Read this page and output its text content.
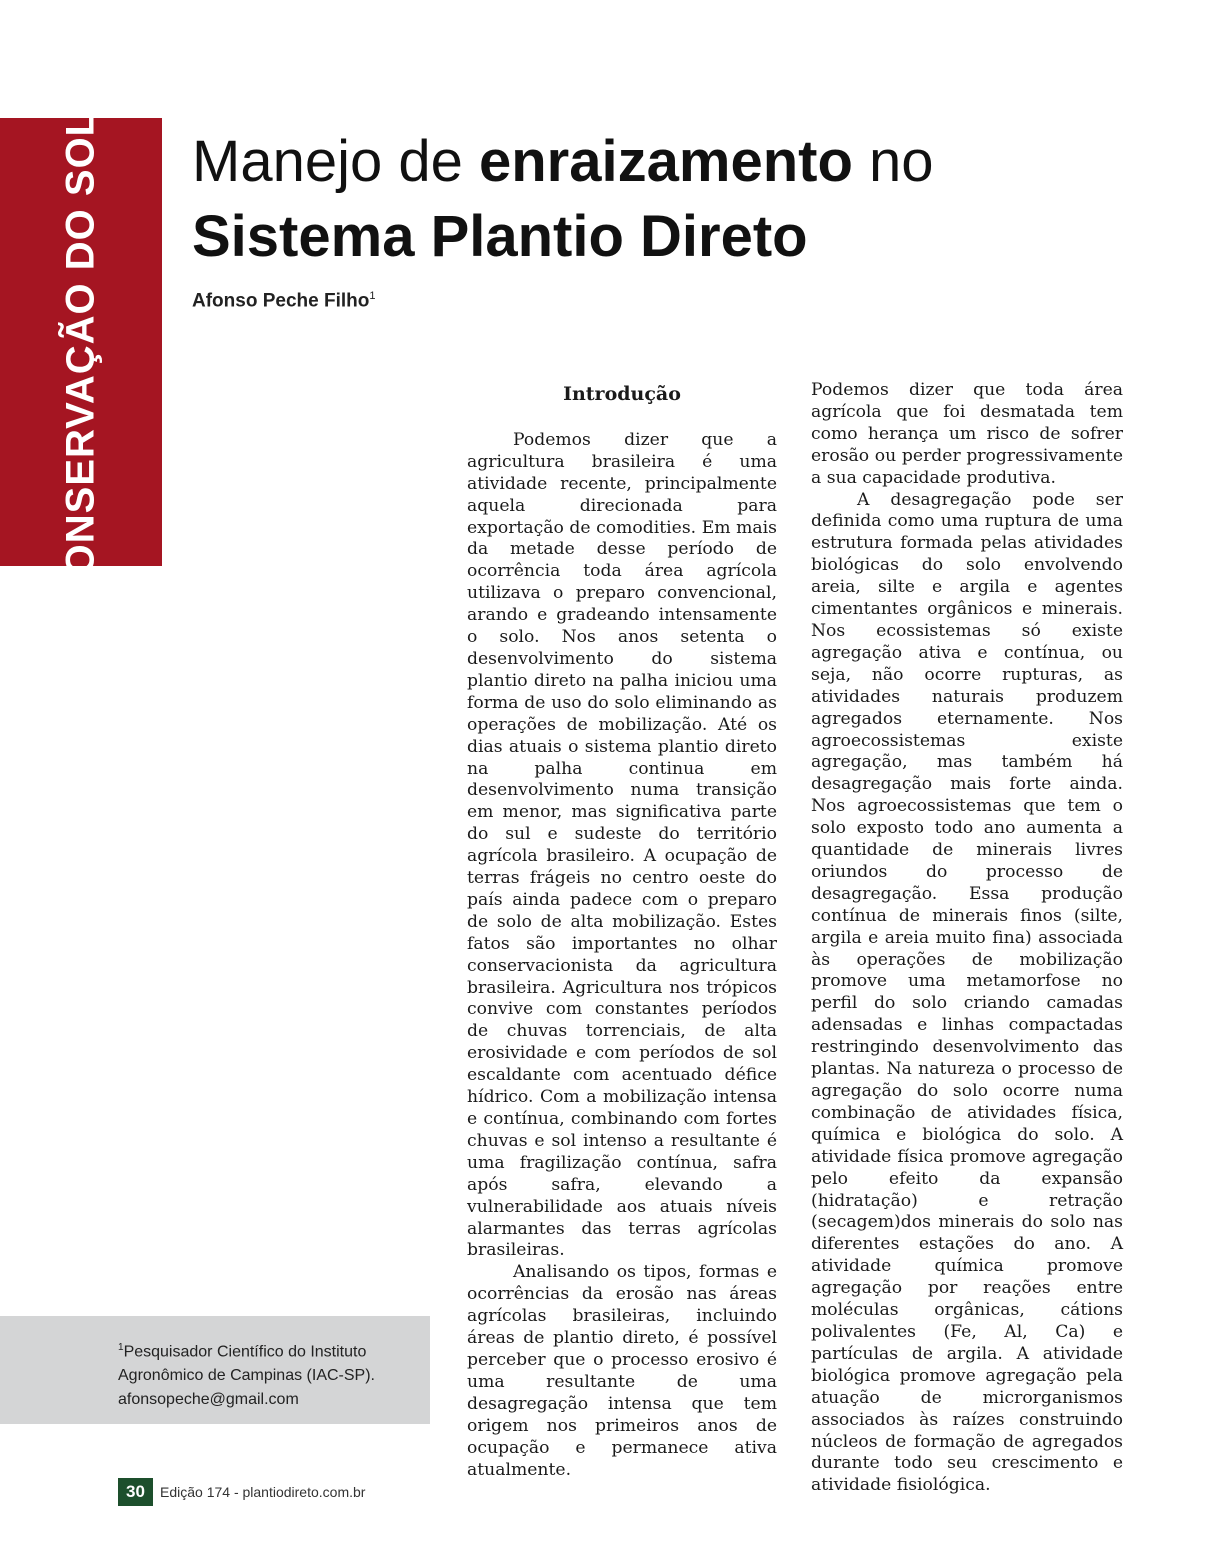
CONSERVAÇÃO DO SOLO Manejo de enraizamento no
Sistema Plantio Direto
Afonso Peche Filho$^1$
Introdução

Podemos dizer que a agricultura brasileira é uma atividade recente, principalmente aquela direcionada para exportação de comodities. Em mais da metade desse período de ocorrência toda área agrícola utilizava o preparo convencional, arando e gradeando intensamente o solo. Nos anos setenta o desenvolvimento do sistema plantio direto na palha iniciou uma forma de uso do solo eliminando as operações de mobilização. Até os dias atuais o sistema plantio direto na palha continua em desenvolvimento numa transição em menor, mas significativa parte do sul e sudeste do território agrícola brasileiro. A ocupação de terras frágeis no centro oeste do país ainda padece com o preparo de solo de alta mobilização. Estes fatos são importantes no olhar conservacionista da agricultura brasileira. Agricultura nos trópicos convive com constantes períodos de chuvas torrenciais, de alta erosividade e com períodos de sol escaldante com acentuado défice hídrico. Com a mobilização intensa e contínua, combinando com fortes chuvas e sol intenso a resultante é uma fragilização contínua, safra após safra, elevando a vulnerabilidade aos atuais níveis alarmantes das terras agrícolas brasileiras.

Analisando os tipos, formas e ocorrências da erosão nas áreas agrícolas brasileiras, incluindo áreas de plantio direto, é possível perceber que o processo erosivo é uma resultante de uma desagregação intensa que tem origem nos primeiros anos de ocupação e permanece ativa atualmente.

Podemos dizer que toda área agrícola que foi desmatada tem como herança um risco de sofrer erosão ou perder progressivamente a sua capacidade produtiva.

A desagregação pode ser definida como uma ruptura de uma estrutura formada pelas atividades biológicas do solo envolvendo areia, silte e argila e agentes cimentantes orgânicos e minerais. Nos ecossistemas só existe agregação ativa e contínua, ou seja, não ocorre rupturas, as atividades naturais produzem agregados eternamente. Nos agroecossistemas existe agregação, mas também há desagregação mais forte ainda. Nos agroecossistemas que tem o solo exposto todo ano aumenta a quantidade de minerais livres oriundos do processo de desagregação. Essa produção contínua de minerais finos (silte, argila e areia muito fina) associada às operações de mobilização promove uma metamorfose no perfil do solo criando camadas adensadas e linhas compactadas restringindo desenvolvimento das plantas. Na natureza o processo de agregação do solo ocorre numa combinação de atividades física, química e biológica do solo. A atividade física promove agregação pelo efeito da expansão (hidratação) e retração (secagem)dos minerais do solo nas diferentes estações do ano. A atividade química promove agregação por reações entre moléculas orgânicas, cátions polivalentes (Fe, Al, Ca) e partículas de argila. A atividade biológica promove agregação pela atuação de microrganismos associados às raízes construindo núcleos de formação de agregados durante todo seu crescimento e atividade fisiológica.

$^1$Pesquisador Científico do Instituto
Agronômico de Campinas (IAC-SP).
afonsopeche@gmail.com
30	Edição 174 - plantiodireto.com.br
